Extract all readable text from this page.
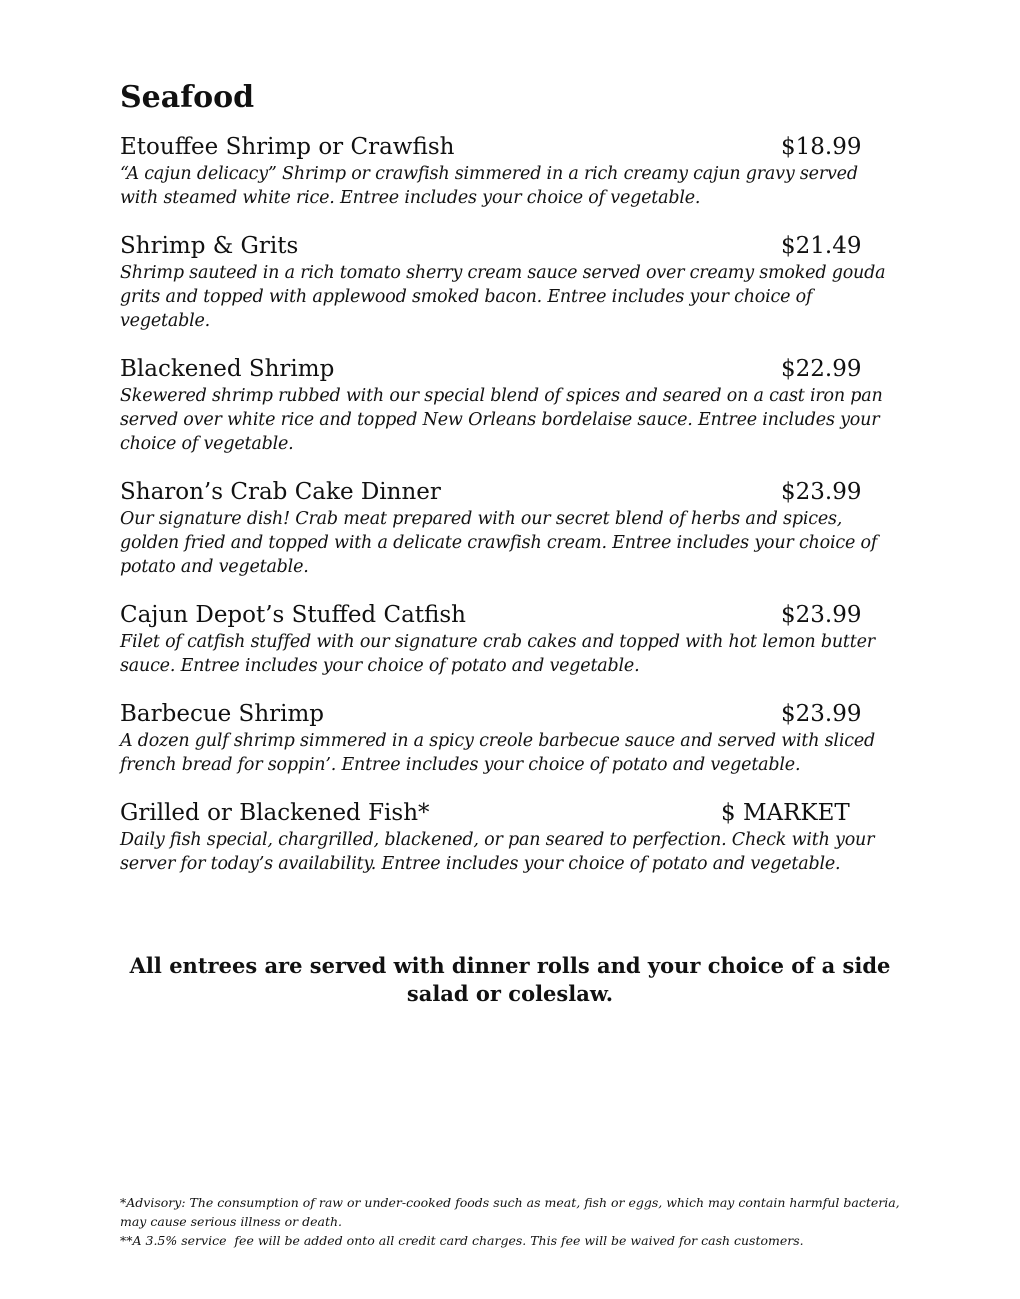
Seafood
Etouffee Shrimp or Crawfish	$18.99
“A cajun delicacy” Shrimp or crawfish simmered in a rich creamy cajun gravy served with steamed white rice. Entree includes your choice of vegetable.
Shrimp & Grits	$21.49
Shrimp sauteed in a rich tomato sherry cream sauce served over creamy smoked gouda grits and topped with applewood smoked bacon. Entree includes your choice of vegetable.
Blackened Shrimp	$22.99
Skewered shrimp rubbed with our special blend of spices and seared on a cast iron pan served over white rice and topped New Orleans bordelaise sauce. Entree includes your choice of vegetable.
Sharon’s Crab Cake Dinner	$23.99
Our signature dish! Crab meat prepared with our secret blend of herbs and spices, golden fried and topped with a delicate crawfish cream. Entree includes your choice of potato and vegetable.
Cajun Depot’s Stuffed Catfish	$23.99
Filet of catfish stuffed with our signature crab cakes and topped with hot lemon butter sauce. Entree includes your choice of potato and vegetable.
Barbecue Shrimp	$23.99
A dozen gulf shrimp simmered in a spicy creole barbecue sauce and served with sliced french bread for soppin’. Entree includes your choice of potato and vegetable.
Grilled or Blackened Fish*	$ MARKET
Daily fish special, chargrilled, blackened, or pan seared to perfection. Check with your server for today’s availability. Entree includes your choice of potato and vegetable.
All entrees are served with dinner rolls and your choice of a side salad or coleslaw.
*Advisory: The consumption of raw or under-cooked foods such as meat, fish or eggs, which may contain harmful bacteria, may cause serious illness or death.
**A 3.5% service  fee will be added onto all credit card charges. This fee will be waived for cash customers.
